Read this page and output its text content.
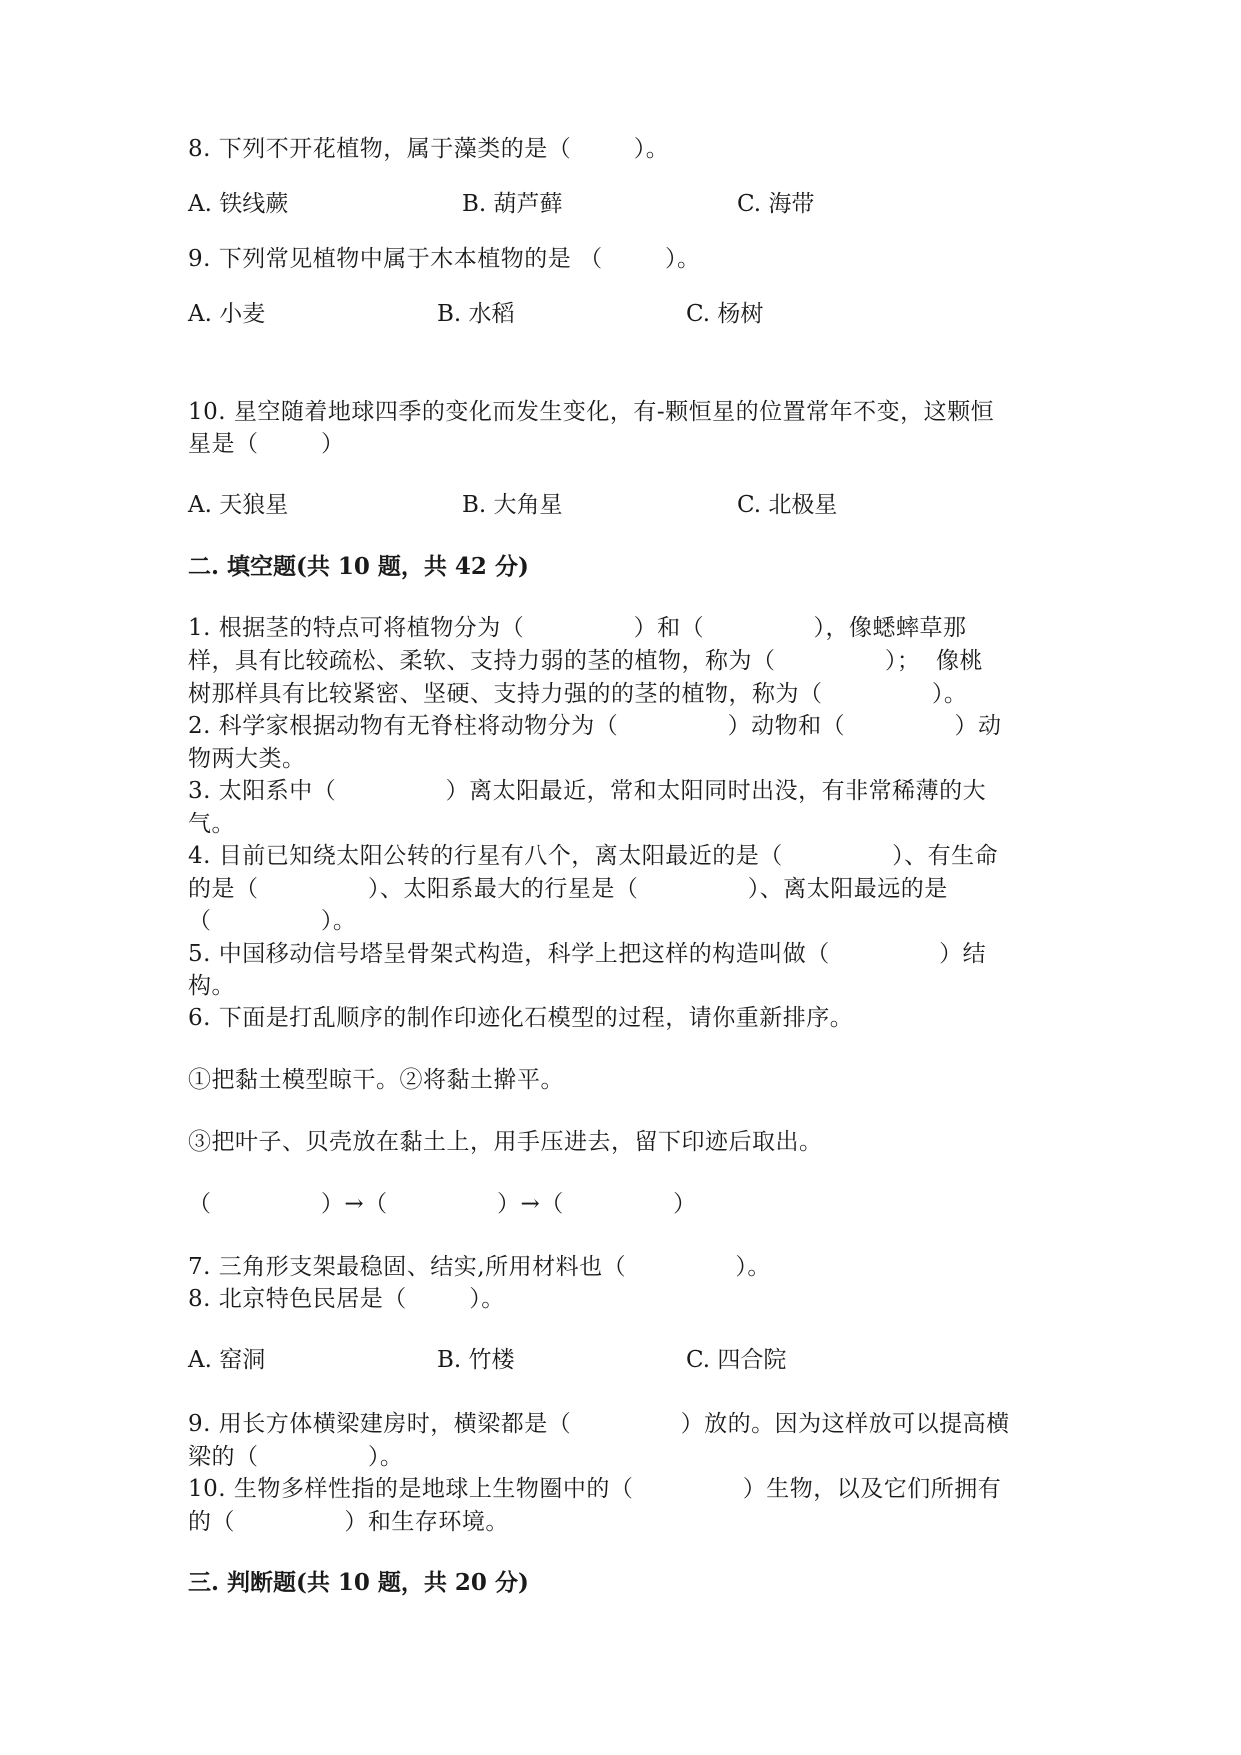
8. 下列不开花植物，属于藻类的是（        ）。
A. 铁线蕨	B. 葫芦藓	C. 海带
9. 下列常见植物中属于木本植物的是 （        ）。
A. 小麦	B. 水稻	C. 杨树
10. 星空随着地球四季的变化而发生变化，有-颗恒星的位置常年不变，这颗恒
星是（        ）
A. 天狼星	B. 大角星	C. 北极星
二. 填空题(共 10 题，共 42 分)
1. 根据茎的特点可将植物分为（              ）和（              ），像蟋蟀草那
样，具有比较疏松、柔软、支持力弱的茎的植物，称为（              ）；  像桃
树那样具有比较紧密、坚硬、支持力强的的茎的植物，称为（              ）。
2. 科学家根据动物有无脊柱将动物分为（              ）动物和（              ）动
物两大类。
3. 太阳系中（              ）离太阳最近，常和太阳同时出没，有非常稀薄的大
气。
4. 目前已知绕太阳公转的行星有八个，离太阳最近的是（              ）、有生命
的是（              ）、太阳系最大的行星是（              ）、离太阳最远的是
（              ）。
5. 中国移动信号塔呈骨架式构造，科学上把这样的构造叫做（              ）结
构。
6. 下面是打乱顺序的制作印迹化石模型的过程，请你重新排序。
①把黏土模型晾干。②将黏土擀平。
③把叶子、贝壳放在黏土上，用手压进去，留下印迹后取出。
（              ）→（              ）→（              ）
7. 三角形支架最稳固、结实,所用材料也（              ）。
8. 北京特色民居是（        ）。
A. 窑洞	B. 竹楼	C. 四合院
9. 用长方体横梁建房时，横梁都是（              ）放的。因为这样放可以提高横
梁的（              ）。
10. 生物多样性指的是地球上生物圈中的（              ）生物，以及它们所拥有
的（              ）和生存环境。
三. 判断题(共 10 题，共 20 分)
